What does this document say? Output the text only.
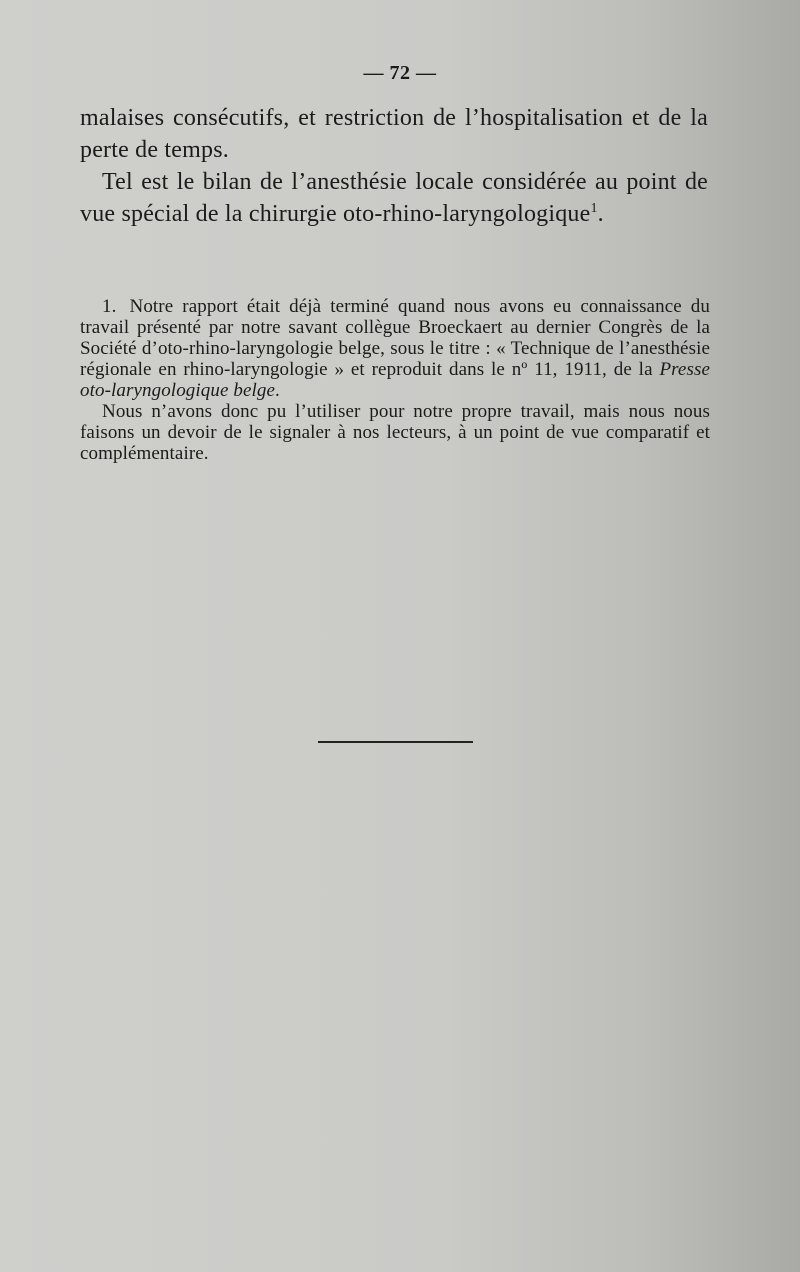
— 72 —

malaises consécutifs, et restriction de l’hospitalisation et de la perte de temps.

Tel est le bilan de l’anesthésie locale considérée au point de vue spécial de la chirurgie oto-rhino-laryngologique$^1$.

1. Notre rapport était déjà terminé quand nous avons eu connaissance du travail présenté par notre savant collègue Broeckaert au dernier Congrès de la Société d’oto-rhino-laryngologie belge, sous le titre : « Technique de l’anesthésie régionale en rhino-laryngologie » et reproduit dans le nº 11, 1911, de la Presse oto-laryngologique belge.

Nous n’avons donc pu l’utiliser pour notre propre travail, mais nous nous faisons un devoir de le signaler à nos lecteurs, à un point de vue comparatif et complémentaire.
